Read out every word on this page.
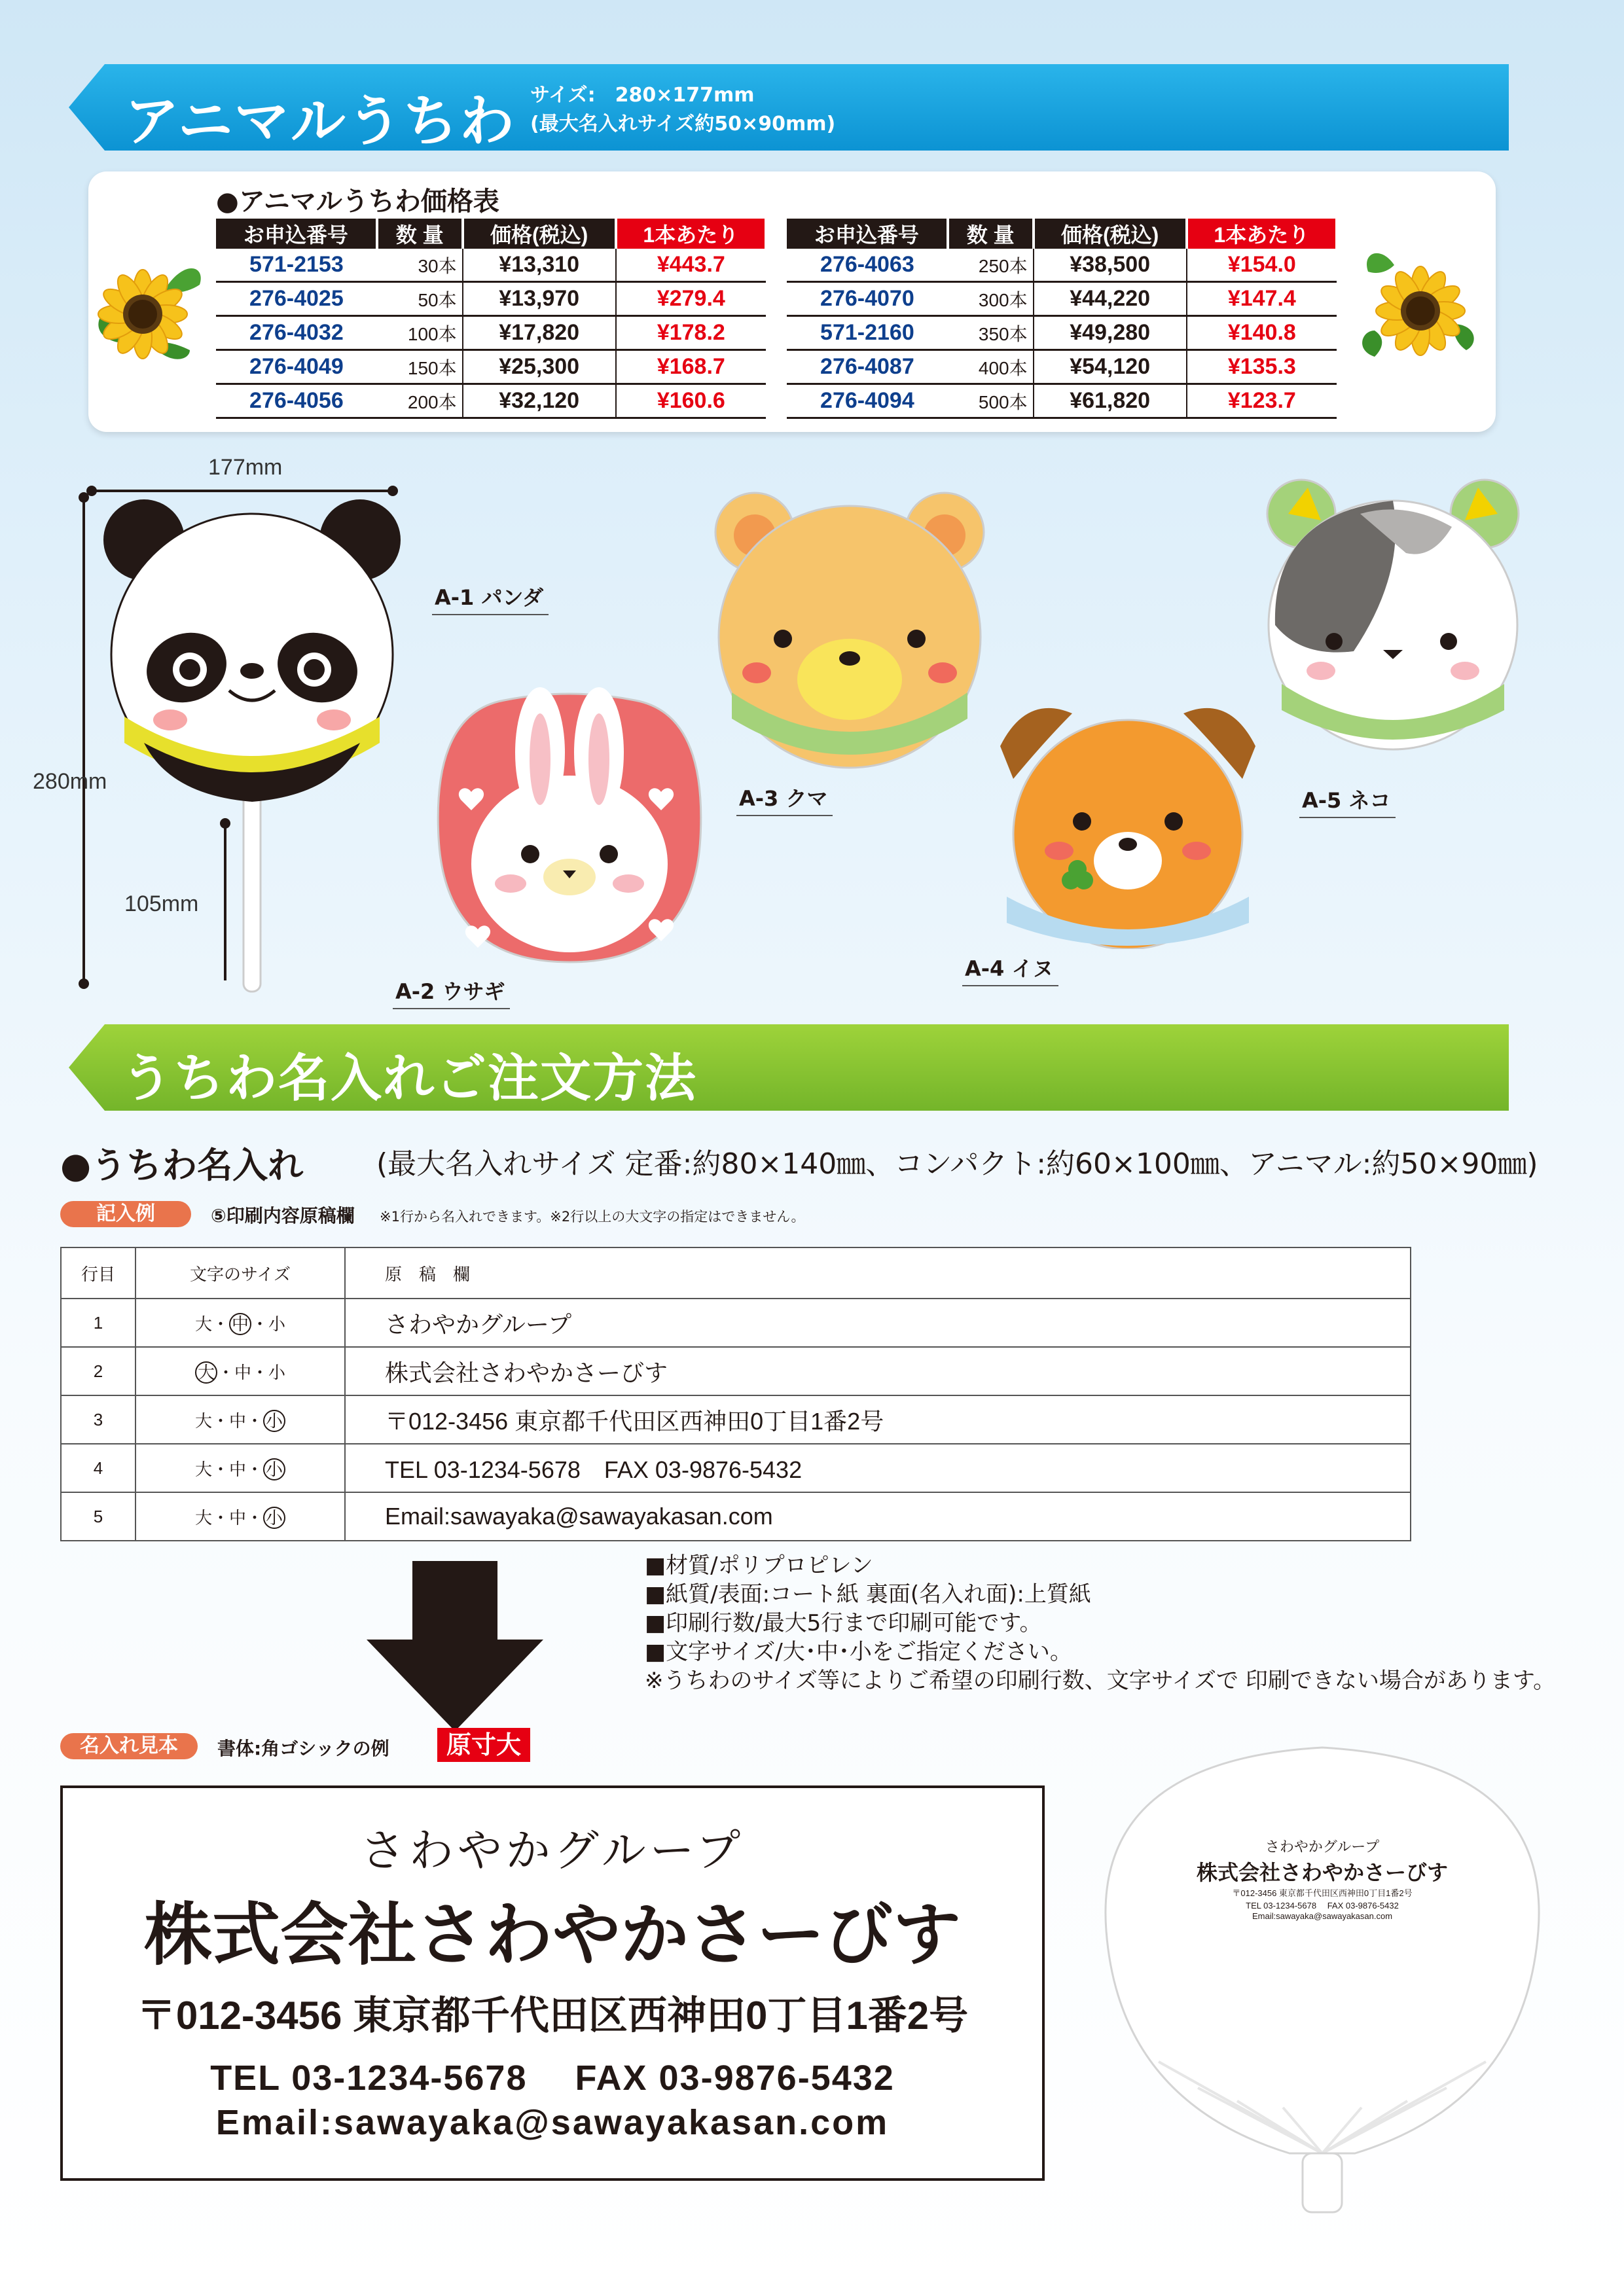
アニマルうちわ サイズ:　280×177mm
(最大名入れサイズ約50×90mm)
●アニマルうちわ価格表
お申込番号	数 量	価格(税込)	1本あたり
571-2153	30本	¥13,310	¥443.7
276-4025	50本	¥13,970	¥279.4
276-4032	100本	¥17,820	¥178.2
276-4049	150本	¥25,300	¥168.7
276-4056	200本	¥32,120	¥160.6
お申込番号	数 量	価格(税込)	1本あたり
276-4063	250本	¥38,500	¥154.0
276-4070	300本	¥44,220	¥147.4
571-2160	350本	¥49,280	¥140.8
276-4087	400本	¥54,120	¥135.3
276-4094	500本	¥61,820	¥123.7
177mm
280mm
105mm
A-1 パンダ
A-2 ウサギ
A-3 クマ
A-4 イヌ
A-5 ネコ
うちわ名入れご注文方法
●うちわ名入れ	(最大名入れサイズ 定番:約80×140㎜、コンパクト:約60×100㎜、アニマル:約50×90㎜)
記入例	⑤印刷内容原稿欄 ※1行から名入れできます。※2行以上の大文字の指定はできません。
行目	文字のサイズ	原　稿　欄
1	大・ 中 ・小	さわやかグループ
2	大 ・中・小	株式会社さわやかさーびす
3	大・中・ 小	〒012-3456 東京都千代田区西神田0丁目1番2号
4	大・中・ 小	TEL 03-1234-5678　FAX 03-9876-5432
5	大・中・ 小	Email:sawayaka@sawayakasan.com
■材質/ポリプロピレン
■紙質/表面:コート紙 裏面(名入れ面):上質紙
■印刷行数/最大5行まで印刷可能です。
■文字サイズ/大･中･小をご指定ください。
※うちわのサイズ等によりご希望の印刷行数、文字サイズで 印刷できない場合があります。
名入れ見本	書体:角ゴシックの例	原寸大
さわやかグループ
株式会社さわやかさーびす
〒012-3456 東京都千代田区西神田0丁目1番2号
TEL 03-1234-5678　 FAX 03-9876-5432
Email:sawayaka@sawayakasan.com
さわやかグループ
株式会社さわやかさーびす
〒012-3456 東京都千代田区西神田0丁目1番2号
TEL 03-1234-5678　 FAX 03-9876-5432
Email:sawayaka@sawayakasan.com
